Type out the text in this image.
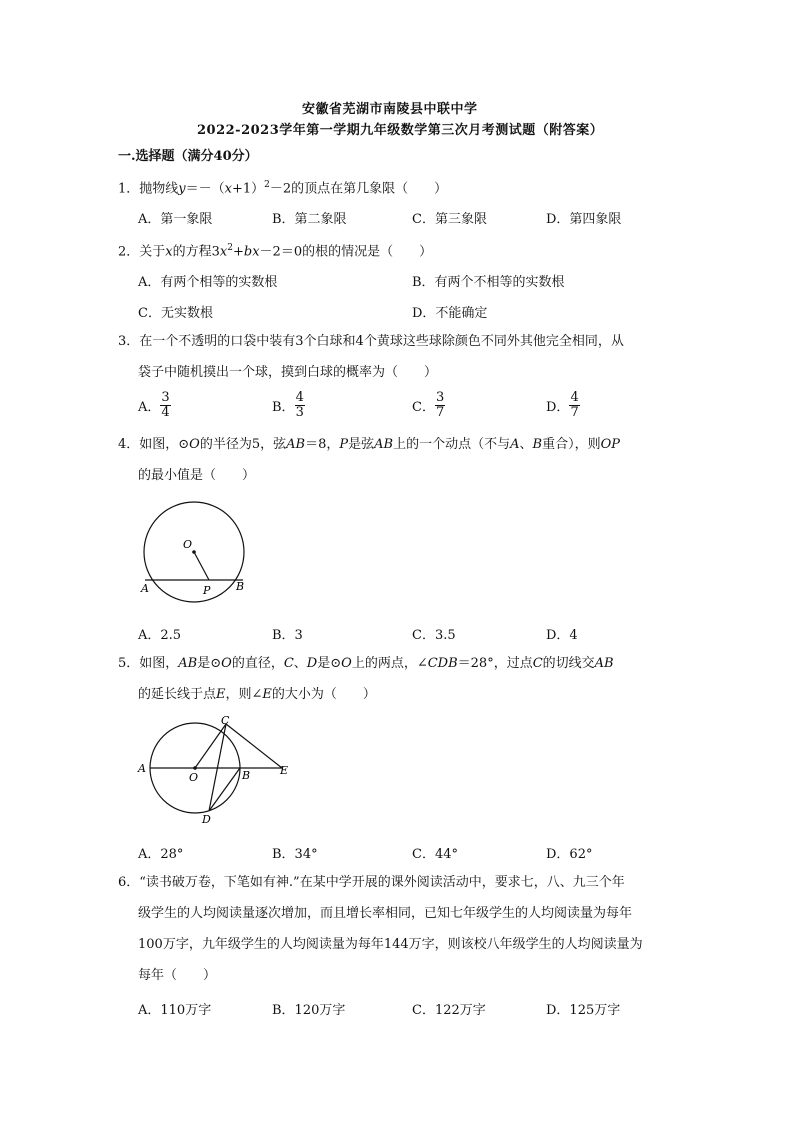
安徽省芜湖市南陵县中联中学
2022-2023学年第一学期九年级数学第三次月考测试题（附答案）
一.选择题（满分40分）
1．抛物线$y=-(x+1)^2-2$的顶点在第几象限（　　）
A．第一象限	B．第二象限	C．第三象限	D．第四象限
2．关于x的方程$3x^2+bx-2=0$的根的情况是（　　）
A．有两个相等的实数根	B．有两个不相等的实数根
C．无实数根	D．不能确定
3．在一个不透明的口袋中装有3个白球和4个黄球这些球除颜色不同外其他完全相同，从
袋子中随机摸出一个球，摸到白球的概率为（　　）
A． $\frac{3}{4}$	B． $\frac{4}{3}$	C． $\frac{3}{7}$	D． $\frac{4}{7}$
4．如图，⊙O的半径为5，弦AB＝8，P是弦AB上的一个动点（不与A、B重合），则OP
的最小值是（　　）
O
A	B
P
A．2.5	B．3	C．3.5	D．4
5．如图，AB是⊙O的直径，C、D是⊙O上的两点，∠CDB＝28°，过点C的切线交AB
的延长线于点E，则∠E的大小为（　　）
A
O	B
C
D
E
A．28°	B．34°	C．44°	D．62°
6．“读书破万卷，下笔如有神.”在某中学开展的课外阅读活动中，要求七，八、九三个年
级学生的人均阅读量逐次增加，而且增长率相同，已知七年级学生的人均阅读量为每年
100万字，九年级学生的人均阅读量为每年144万字，则该校八年级学生的人均阅读量为
每年（　　）
A．110万字	B．120万字	C．122万字	D．125万字
